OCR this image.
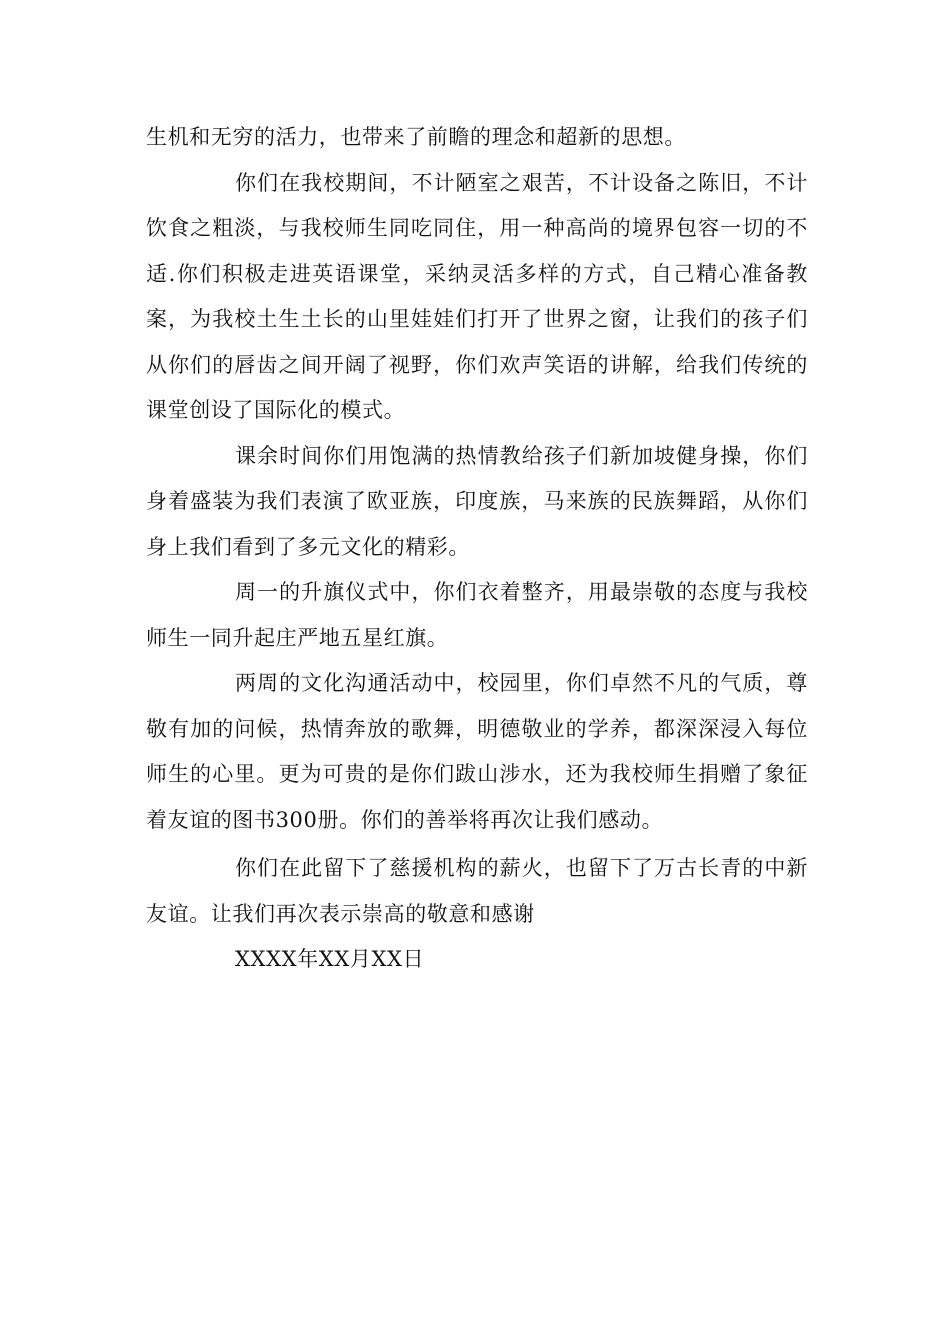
生机和无穷的活力，也带来了前瞻的理念和超新的思想。

你们在我校期间，不计陋室之艰苦，不计设备之陈旧，不计饮食之粗淡，与我校师生同吃同住，用一种高尚的境界包容一切的不适.你们积极走进英语课堂，采纳灵活多样的方式，自己精心准备教案，为我校土生土长的山里娃娃们打开了世界之窗，让我们的孩子们从你们的唇齿之间开阔了视野，你们欢声笑语的讲解，给我们传统的课堂创设了国际化的模式。

课余时间你们用饱满的热情教给孩子们新加坡健身操，你们身着盛装为我们表演了欧亚族，印度族，马来族的民族舞蹈，从你们身上我们看到了多元文化的精彩。

周一的升旗仪式中，你们衣着整齐，用最崇敬的态度与我校师生一同升起庄严地五星红旗。

两周的文化沟通活动中，校园里，你们卓然不凡的气质，尊敬有加的问候，热情奔放的歌舞，明德敬业的学养，都深深浸入每位师生的心里。更为可贵的是你们跋山涉水，还为我校师生捐赠了象征着友谊的图书300册。你们的善举将再次让我们感动。

你们在此留下了慈援机构的薪火，也留下了万古长青的中新友谊。让我们再次表示崇高的敬意和感谢

XXXX年XX月XX日
